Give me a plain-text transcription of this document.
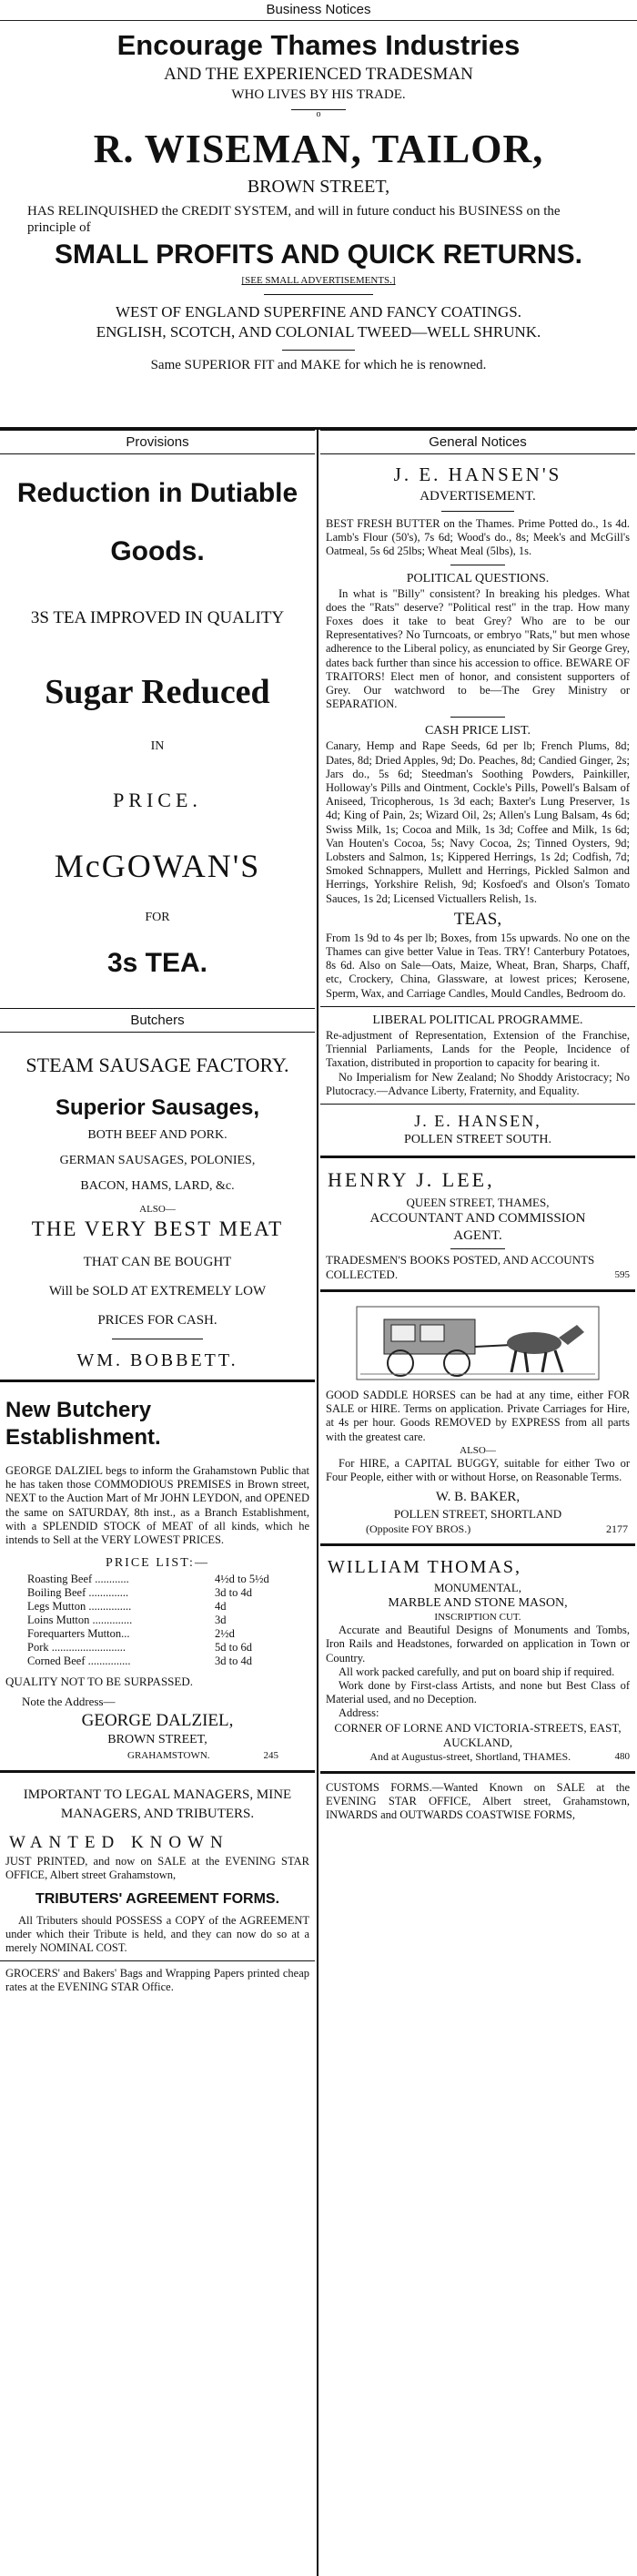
Business Notices
Encourage Thames Industries
AND THE EXPERIENCED TRADESMAN
WHO LIVES BY HIS TRADE.
o
R. WISEMAN, TAILOR,
BROWN STREET,
HAS RELINQUISHED the CREDIT SYSTEM, and will in future conduct his BUSINESS on the principle of
SMALL PROFITS AND QUICK RETURNS.
[SEE SMALL ADVERTISEMENTS.]
WEST OF ENGLAND SUPERFINE AND FANCY COATINGS.
ENGLISH, SCOTCH, AND COLONIAL TWEED—WELL SHRUNK.
Same SUPERIOR FIT and MAKE for which he is renowned.
Provisions
Reduction in Dutiable
Goods.
3S TEA IMPROVED IN QUALITY
Sugar Reduced
IN
PRICE.
McGOWAN'S
FOR
3s TEA.
Butchers
STEAM SAUSAGE FACTORY.
Superior Sausages,
BOTH BEEF AND PORK.
GERMAN SAUSAGES, POLONIES,
BACON, HAMS, LARD, &c.
ALSO—
THE VERY BEST MEAT
THAT CAN BE BOUGHT
Will be SOLD AT EXTREMELY LOW
PRICES FOR CASH.
WM. BOBBETT.
New Butchery Establishment.
GEORGE DALZIEL begs to inform the Grahamstown Public that he has taken those COMMODIOUS PREMISES in Brown street, NEXT to the Auction Mart of Mr JOHN LEYDON, and OPENED the same on SATURDAY, 8th inst., as a Branch Establishment, with a SPLENDID STOCK of MEAT of all kinds, which he intends to Sell at the VERY LOWEST PRICES.
PRICE LIST:—
Roasting Beef ............	4½d to 5½d
Boiling Beef ..............	3d to 4d
Legs Mutton ...............	4d
Loins Mutton ..............	3d
Forequarters Mutton...	2½d
Pork ..........................	5d to 6d
Corned Beef ...............	3d to 4d
QUALITY NOT TO BE SURPASSED.
Note the Address—
GEORGE DALZIEL,
BROWN STREET,
GRAHAMSTOWN.	245
IMPORTANT TO LEGAL MANAGERS, MINE MANAGERS, AND TRIBUTERS.
WANTED KNOWN
JUST PRINTED, and now on SALE at the EVENING STAR OFFICE, Albert street Grahamstown,
TRIBUTERS' AGREEMENT FORMS.
All Tributers should POSSESS a COPY of the AGREEMENT under which their Tribute is held, and they can now do so at a merely NOMINAL COST.
GROCERS' and Bakers' Bags and Wrapping Papers printed cheap rates at the EVENING STAR Office.
General Notices
J. E. HANSEN'S
ADVERTISEMENT.
BEST FRESH BUTTER on the Thames. Prime Potted do., 1s 4d. Lamb's Flour (50's), 7s 6d; Wood's do., 8s; Meek's and McGill's Oatmeal, 5s 6d 25lbs; Wheat Meal (5lbs), 1s.
POLITICAL QUESTIONS.
In what is "Billy" consistent? In breaking his pledges. What does the "Rats" deserve? "Political rest" in the trap. How many Foxes does it take to beat Grey? Who are to be our Representatives? No Turncoats, or embryo "Rats," but men whose adherence to the Liberal policy, as enunciated by Sir George Grey, dates back further than since his accession to office. BEWARE OF TRAITORS! Elect men of honor, and consistent supporters of Grey. Our watchword to be—The Grey Ministry or SEPARATION.
CASH PRICE LIST.
Canary, Hemp and Rape Seeds, 6d per lb; French Plums, 8d; Dates, 8d; Dried Apples, 9d; Do. Peaches, 8d; Candied Ginger, 2s; Jars do., 5s 6d; Steedman's Soothing Powders, Painkiller, Holloway's Pills and Ointment, Cockle's Pills, Powell's Balsam of Aniseed, Tricopherous, 1s 3d each; Baxter's Lung Preserver, 1s 4d; King of Pain, 2s; Wizard Oil, 2s; Allen's Lung Balsam, 4s 6d; Swiss Milk, 1s; Cocoa and Milk, 1s 3d; Coffee and Milk, 1s 6d; Van Houten's Cocoa, 5s; Navy Cocoa, 2s; Tinned Oysters, 9d; Lobsters and Salmon, 1s; Kippered Herrings, 1s 2d; Codfish, 7d; Smoked Schnappers, Mullett and Herrings, Pickled Salmon and Herrings, Yorkshire Relish, 9d; Kosfoed's and Olson's Tomato Sauces, 1s 2d; Licensed Victuallers Relish, 1s.
TEAS,
From 1s 9d to 4s per lb; Boxes, from 15s upwards. No one on the Thames can give better Value in Teas. TRY! Canterbury Potatoes, 8s 6d. Also on Sale—Oats, Maize, Wheat, Bran, Sharps, Chaff, etc, Crockery, China, Glassware, at lowest prices; Kerosene, Sperm, Wax, and Carriage Candles, Mould Candles, Bedroom do.
LIBERAL POLITICAL PROGRAMME.
Re-adjustment of Representation, Extension of the Franchise, Triennial Parliaments, Lands for the People, Incidence of Taxation, distributed in proportion to capacity for bearing it.
No Imperialism for New Zealand; No Shoddy Aristocracy; No Plutocracy.—Advance Liberty, Fraternity, and Equality.
J. E. HANSEN,
POLLEN STREET SOUTH.
HENRY J. LEE,
QUEEN STREET, THAMES,
ACCOUNTANT AND COMMISSION
AGENT.
TRADESMEN'S BOOKS POSTED, AND ACCOUNTS COLLECTED.	595
GOOD SADDLE HORSES can be had at any time, either FOR SALE or HIRE. Terms on application. Private Carriages for Hire, at 4s per hour. Goods REMOVED by EXPRESS from all parts with the greatest care.
ALSO—
For HIRE, a CAPITAL BUGGY, suitable for either Two or Four People, either with or without Horse, on Reasonable Terms.
W. B. BAKER,
POLLEN STREET, SHORTLAND
(Opposite FOY BROS.)	2177
WILLIAM THOMAS,
MONUMENTAL,
MARBLE AND STONE MASON,
INSCRIPTION CUT.
Accurate and Beautiful Designs of Monuments and Tombs, Iron Rails and Headstones, forwarded on application in Town or Country.
All work packed carefully, and put on board ship if required.
Work done by First-class Artists, and none but Best Class of Material used, and no Deception.
Address:
CORNER OF LORNE AND VICTORIA-STREETS, EAST, AUCKLAND,
And at Augustus-street, Shortland, THAMES.	480
CUSTOMS FORMS.—Wanted Known on SALE at the EVENING STAR OFFICE, Albert street, Grahamstown, INWARDS and OUTWARDS COASTWISE FORMS,
